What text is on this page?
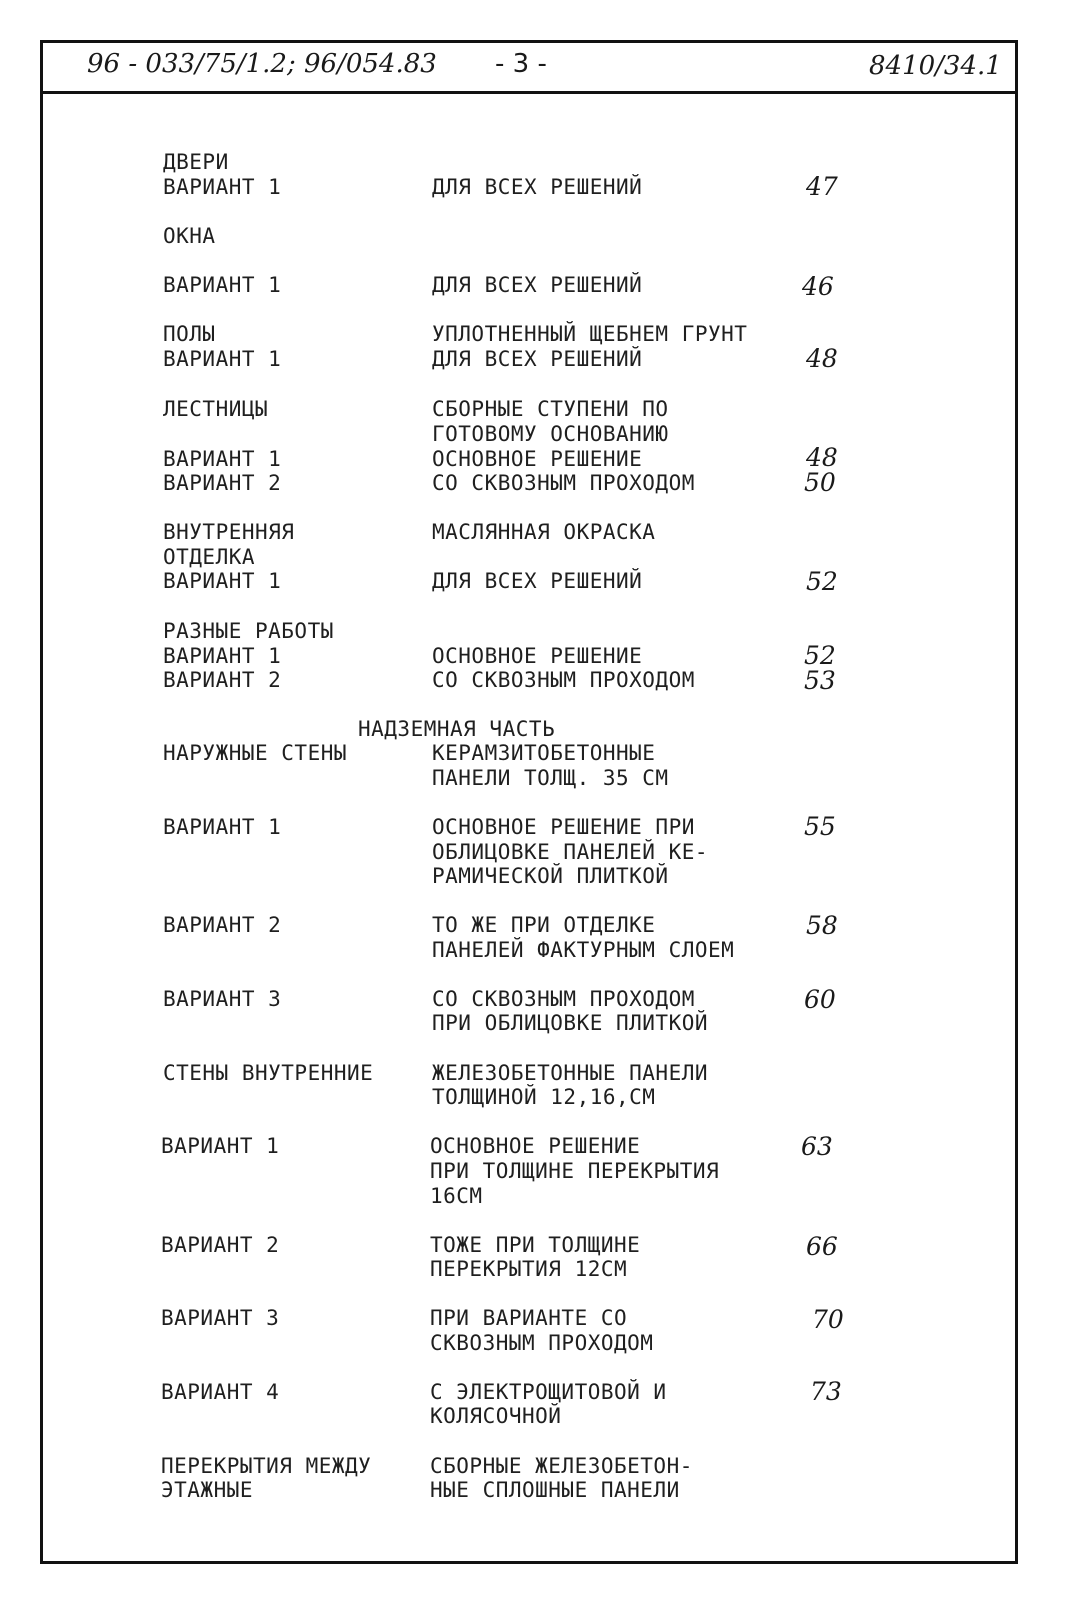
96 - 033/75/1.2; 96/054.83 - 3 -	8410/34.1
ДВЕРИ
ВАРИАНТ 1	ДЛЯ ВСЕХ РЕШЕНИЙ	47
ОКНА
ВАРИАНТ 1	ДЛЯ ВСЕХ РЕШЕНИЙ	46
ПОЛЫ	УПЛОТНЕННЫЙ ЩЕБНЕМ ГРУНТ
ВАРИАНТ 1	ДЛЯ ВСЕХ РЕШЕНИЙ	48
ЛЕСТНИЦЫ	СБОРНЫЕ СТУПЕНИ ПО
ГОТОВОМУ ОСНОВАНИЮ
ВАРИАНТ 1	ОСНОВНОЕ РЕШЕНИЕ	48
ВАРИАНТ 2	СО СКВОЗНЫМ ПРОХОДОМ	50
ВНУТРЕННЯЯ	МАСЛЯННАЯ ОКРАСКА
ОТДЕЛКА
ВАРИАНТ 1	ДЛЯ ВСЕХ РЕШЕНИЙ	52
РАЗНЫЕ РАБОТЫ
ВАРИАНТ 1	ОСНОВНОЕ РЕШЕНИЕ	52
ВАРИАНТ 2	СО СКВОЗНЫМ ПРОХОДОМ	53
НАДЗЕМНАЯ ЧАСТЬ
НАРУЖНЫЕ СТЕНЫ	КЕРАМЗИТОБЕТОННЫЕ
ПАНЕЛИ ТОЛЩ. 35 СМ
ВАРИАНТ 1	ОСНОВНОЕ РЕШЕНИЕ ПРИ	55
ОБЛИЦОВКЕ ПАНЕЛЕЙ КЕ-
РАМИЧЕСКОЙ ПЛИТКОЙ
ВАРИАНТ 2	ТО ЖЕ ПРИ ОТДЕЛКЕ	58
ПАНЕЛЕЙ ФАКТУРНЫМ СЛОЕМ
ВАРИАНТ 3	СО СКВОЗНЫМ ПРОХОДОМ	60
ПРИ ОБЛИЦОВКЕ ПЛИТКОЙ
СТЕНЫ ВНУТРЕННИЕ	ЖЕЛЕЗОБЕТОННЫЕ ПАНЕЛИ
ТОЛЩИНОЙ 12,16,СМ
ВАРИАНТ 1	ОСНОВНОЕ РЕШЕНИЕ	63
ПРИ ТОЛЩИНЕ ПЕРЕКРЫТИЯ
16СМ
ВАРИАНТ 2	ТОЖЕ ПРИ ТОЛЩИНЕ	66
ПЕРЕКРЫТИЯ 12СМ
ВАРИАНТ 3	ПРИ ВАРИАНТЕ СО	70
СКВОЗНЫМ ПРОХОДОМ
ВАРИАНТ 4	С ЭЛЕКТРОЩИТОВОЙ И	73
КОЛЯСОЧНОЙ
ПЕРЕКРЫТИЯ МЕЖДУ	СБОРНЫЕ ЖЕЛЕЗОБЕТОН-
ЭТАЖНЫЕ	НЫЕ СПЛОШНЫЕ ПАНЕЛИ
